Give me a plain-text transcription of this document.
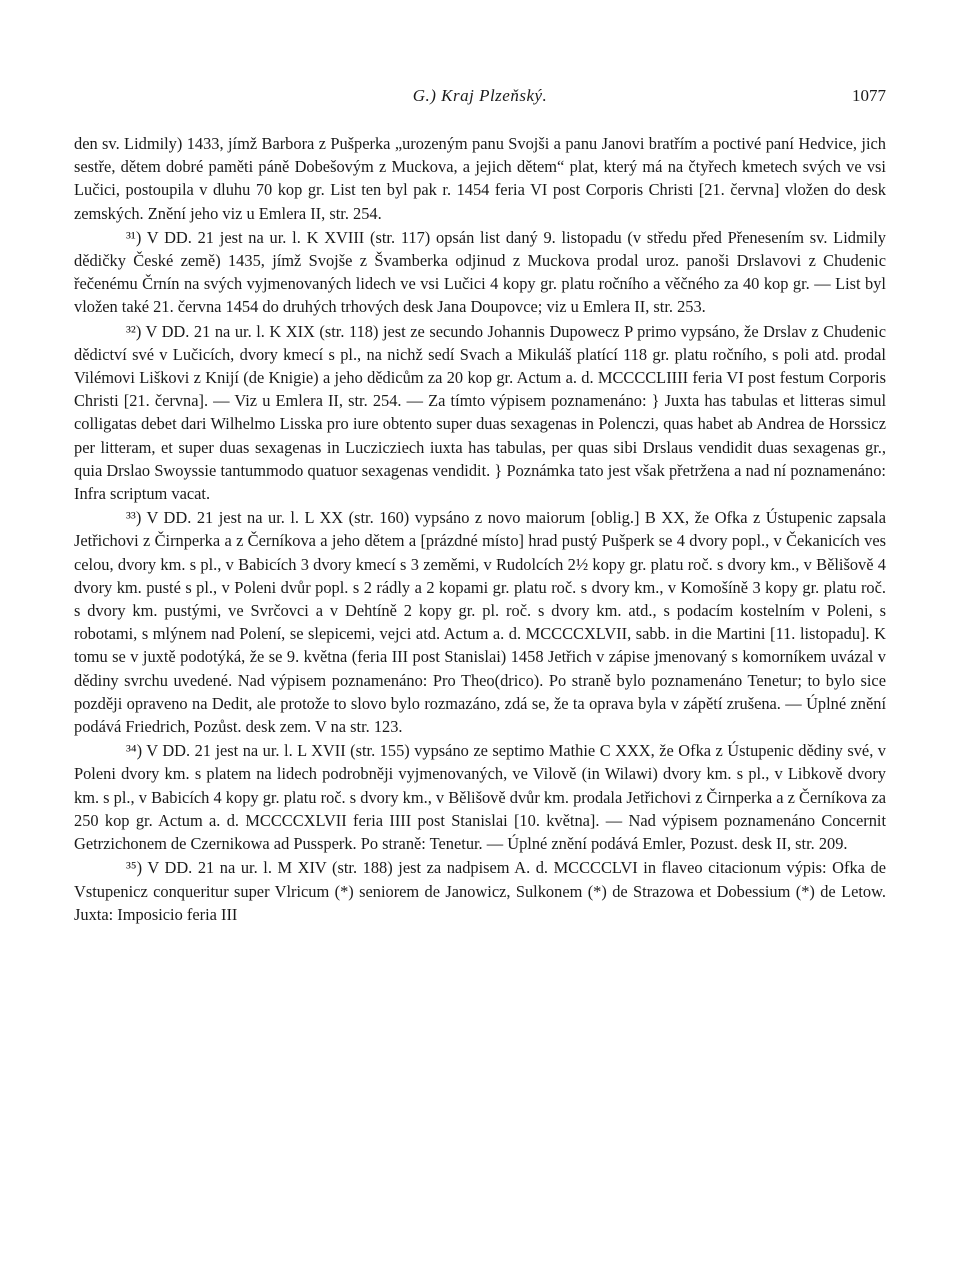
G.) Kraj Plzeňský.	1077

den sv. Lidmily) 1433, jímž Barbora z Pušperka „urozeným panu Svojši a panu Janovi bratřím a poctivé paní Hedvice, jich sestře, dětem dobré paměti páně Dobešovým z Muckova, a jejich dětem“ plat, který má na čtyřech kmetech svých ve vsi Lučici, postoupila v dluhu 70 kop gr. List ten byl pak r. 1454 feria VI post Corporis Christi [21. června] vložen do desk zemských. Znění jeho viz u Emlera II, str. 254.

³¹) V DD. 21 jest na ur. l. K XVIII (str. 117) opsán list daný 9. listopadu (v středu před Přenesením sv. Lidmily dědičky České země) 1435, jímž Svojše z Švamberka odjinud z Muckova prodal uroz. panoši Drslavovi z Chudenic řečenému Črnín na svých vyjmenovaných lidech ve vsi Lučici 4 kopy gr. platu ročního a věčného za 40 kop gr. — List byl vložen také 21. června 1454 do druhých trhových desk Jana Doupovce; viz u Emlera II, str. 253.

³²) V DD. 21 na ur. l. K XIX (str. 118) jest ze secundo Johannis Dupowecz P primo vypsáno, že Drslav z Chudenic dědictví své v Lučicích, dvory kmecí s pl., na nichž sedí Svach a Mikuláš platící 118 gr. platu ročního, s poli atd. prodal Vilémovi Liškovi z Knijí (de Knigie) a jeho dědicům za 20 kop gr. Actum a. d. MCCCCLIIII feria VI post festum Corporis Christi [21. června]. — Viz u Emlera II, str. 254. — Za tímto výpisem poznamenáno: } Juxta has tabulas et litteras simul colligatas debet dari Wilhelmo Lisska pro iure obtento super duas sexagenas in Polenczi, quas habet ab Andrea de Horssicz per litteram, et super duas sexagenas in Luczicziech iuxta has tabulas, per quas sibi Drslaus vendidit duas sexagenas gr., quia Drslao Swoyssie tantummodo quatuor sexagenas vendidit. } Poznámka tato jest však přetržena a nad ní poznamenáno: Infra scriptum vacat.

³³) V DD. 21 jest na ur. l. L XX (str. 160) vypsáno z novo maiorum [oblig.] B XX, že Ofka z Ústupenic zapsala Jetřichovi z Čirnperka a z Černíkova a jeho dětem a [prázdné místo] hrad pustý Pušperk se 4 dvory popl., v Čekanicích ves celou, dvory km. s pl., v Babicích 3 dvory kmecí s 3 zeměmi, v Rudolcích 2½ kopy gr. platu roč. s dvory km., v Bělišově 4 dvory km. pusté s pl., v Poleni dvůr popl. s 2 rádly a 2 kopami gr. platu roč. s dvory km., v Komošíně 3 kopy gr. platu roč. s dvory km. pustými, ve Svrčovci a v Dehtíně 2 kopy gr. pl. roč. s dvory km. atd., s podacím kostelním v Poleni, s robotami, s mlýnem nad Polení, se slepicemi, vejci atd. Actum a. d. MCCCCXLVII, sabb. in die Martini [11. listopadu]. K tomu se v juxtě podotýká, že se 9. května (feria III post Stanislai) 1458 Jetřich v zápise jmenovaný s komorníkem uvázal v dědiny svrchu uvedené. Nad výpisem poznamenáno: Pro Theo(drico). Po straně bylo poznamenáno Tenetur; to bylo sice později opraveno na Dedit, ale protože to slovo bylo rozmazáno, zdá se, že ta oprava byla v zápětí zrušena. — Úplné znění podává Friedrich, Pozůst. desk zem. V na str. 123.

³⁴) V DD. 21 jest na ur. l. L XVII (str. 155) vypsáno ze septimo Mathie C XXX, že Ofka z Ústupenic dědiny své, v Poleni dvory km. s platem na lidech podrobněji vyjmenovaných, ve Vilově (in Wilawi) dvory km. s pl., v Libkově dvory km. s pl., v Babicích 4 kopy gr. platu roč. s dvory km., v Bělišově dvůr km. prodala Jetřichovi z Čirnperka a z Černíkova za 250 kop gr. Actum a. d. MCCCCXLVII feria IIII post Stanislai [10. května]. — Nad výpisem poznamenáno Concernit Getrzichonem de Czernikowa ad Pussperk. Po straně: Tenetur. — Úplné znění podává Emler, Pozust. desk II, str. 209.

³⁵) V DD. 21 na ur. l. M XIV (str. 188) jest za nadpisem A. d. MCCCCLVI in flaveo citacionum výpis: Ofka de Vstupenicz conqueritur super Vlricum (*) seniorem de Janowicz, Sulkonem (*) de Strazowa et Dobessium (*) de Letow. Juxta: Imposicio feria III
